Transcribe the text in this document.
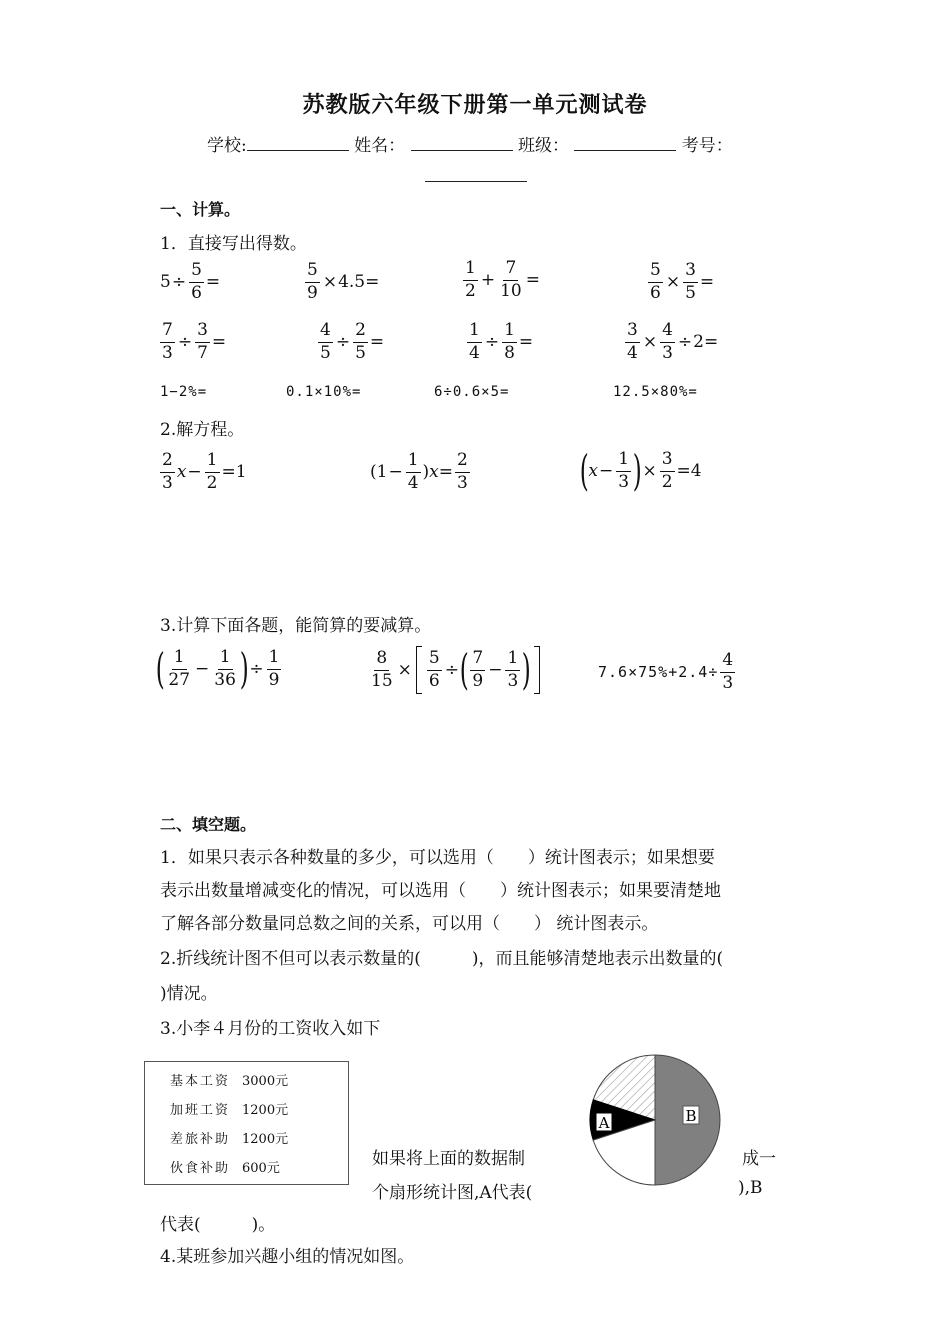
苏教版六年级下册第一单元测试卷
学校:	姓名：	班级：	考号：
一、计算。
1．直接写出得数。
$5 \div \frac{5}{6}$ =	$\frac{5}{9} \times 4.5=$	$\frac{1}{2} + \frac{7}{10}$ =	$\frac{5}{6} \times \frac{3}{5}$ =
$\frac{7}{3} \div \frac{3}{7}$ =	$\frac{4}{5} \div \frac{2}{5}$ =	$\frac{1}{4} \div \frac{1}{8}$ =	$\frac{3}{4} \times \frac{4}{3} \div 2=$
1−2%=	0.1×10%=	6÷0.6×5=	12.5×80%=
2.解方程。
$\frac{2}{3}$ $x - \frac{1}{2} =1$	($1 - \frac{1}{4}$ ) $x = \frac{2}{3}$	( $x - \frac{1}{3}$ ) × $\frac{3}{2} =4$
3.计算下面各题，能简算的要减算。
( $\frac{1}{27} - \frac{1}{36}$ ) ÷ $\frac{1}{9}$	$\frac{8}{15} \times \frac{5}{6}$ ÷ ( $\frac{7}{9} - \frac{1}{3}$ )	$7.6\times 75\%+2.4\div \frac{4}{3}$
二、填空题。
1．如果只表示各种数量的多少，可以选用（　　）统计图表示；如果想要
表示出数量增减变化的情况，可以选用（　　）统计图表示；如果要清楚地
了解各部分数量同总数之间的关系，可以用（　　） 统计图表示。
2.折线统计图不但可以表示数量的(　　　)，而且能够清楚地表示出数量的(
)情况。
3.小李４月份的工资收入如下
基本工资 3000元
加班工资 1200元
差旅补助 1200元
伙食补助 600元
A	B
如果将上面的数据制	成一
个扇形统计图,A代表(	),B
代表(　　　)。
4.某班参加兴趣小组的情况如图。
